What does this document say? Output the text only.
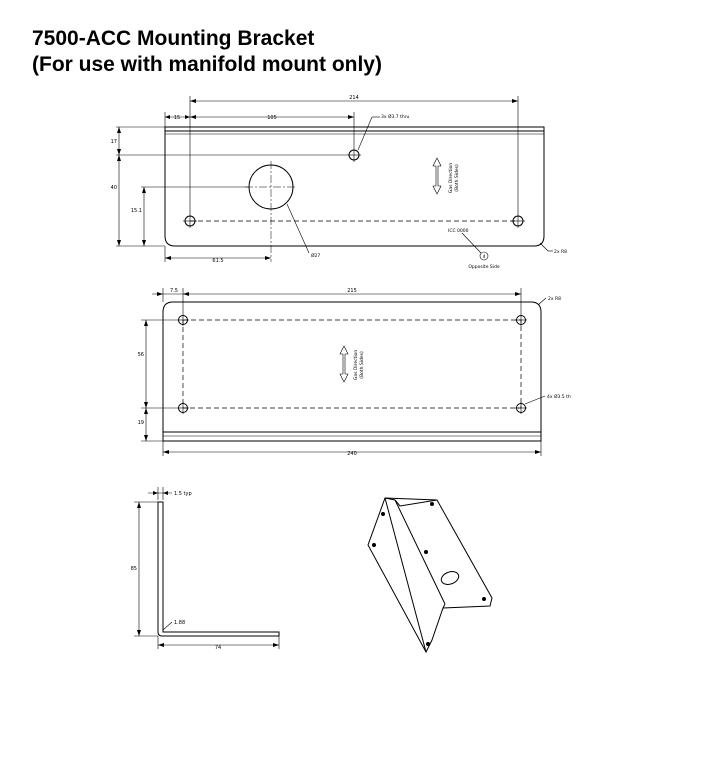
7500-ACC Mounting Bracket
(For use with manifold mount only)
214
15	105	3x Ø3.7 thru
17
40
15.1
61.5
Ø27
Gas Direction (Both Sides)
ICC 0000
4
Opposite Side
2x R8
7.5	215
2x R8
56
19
Gas Direction (Both Sides)
4x Ø3.5 th
240
1.5 typ
85
1.88
74
